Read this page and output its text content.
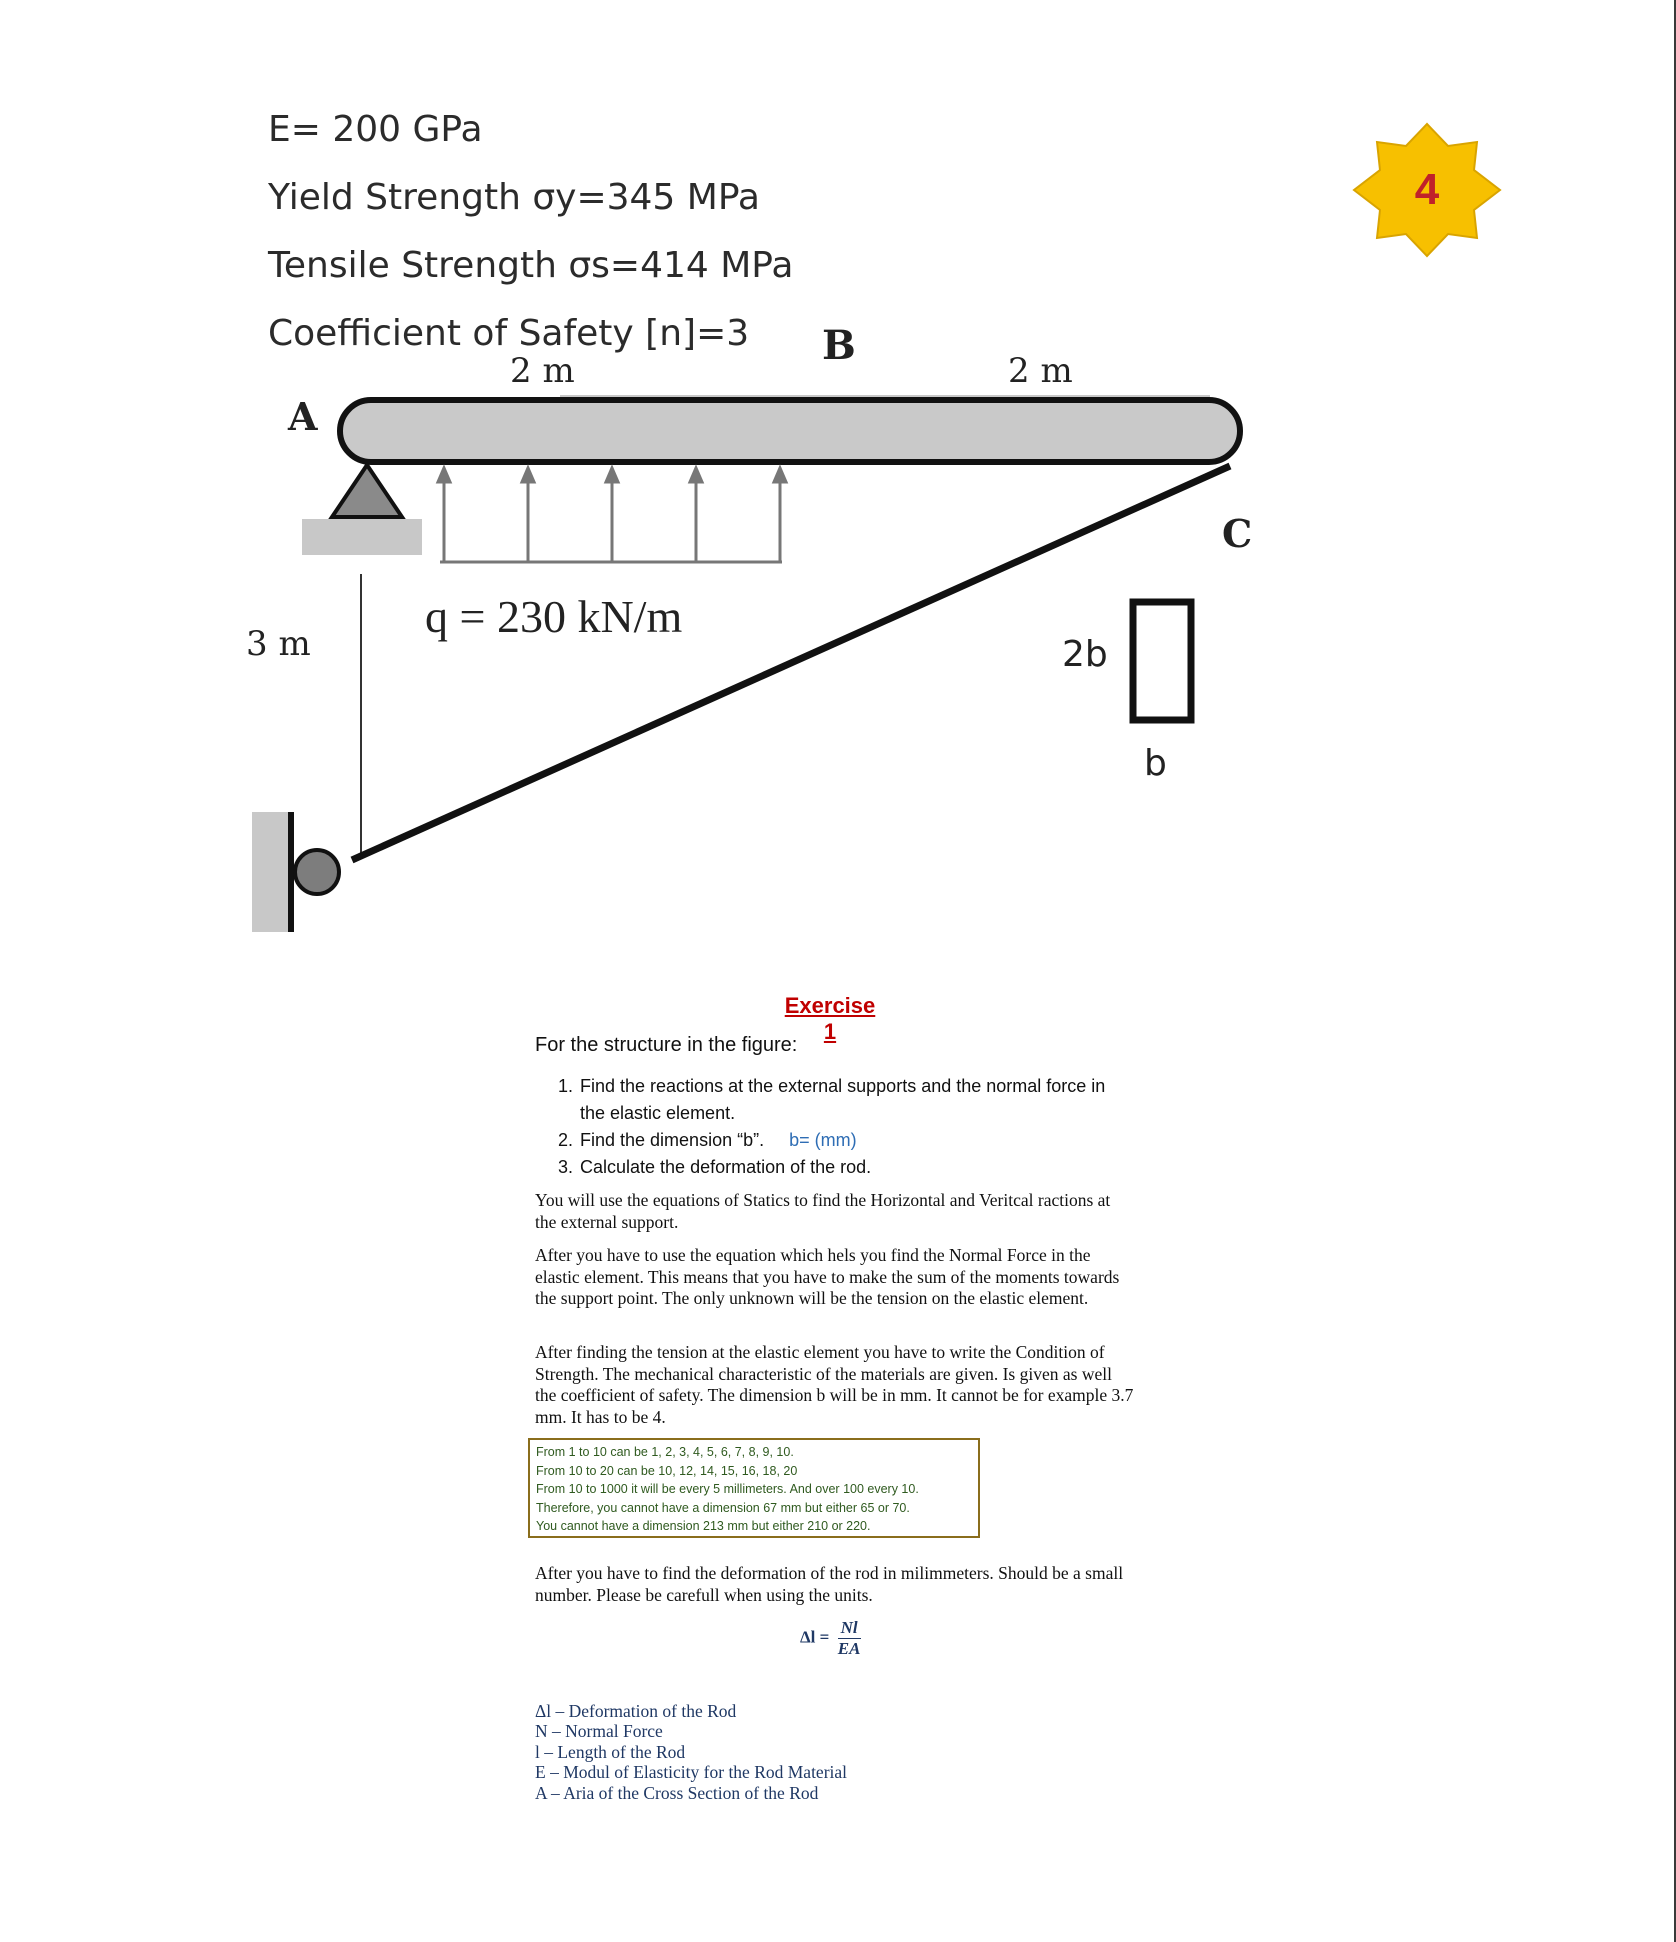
E= 200 GPa
Yield Strength σy=345 MPa
Tensile Strength σs=414 MPa
Coefficient of Safety [n]=3
4
A
B
C
2 m	2 m
3 m
q = 230 kN/m
2b
b
Exercise 1
For the structure in the figure:
1. Find the reactions at the external supports and the normal force in the elastic element.
2. Find the dimension “b”. b= (mm)
3. Calculate the deformation of the rod.
You will use the equations of Statics to find the Horizontal and Veritcal ractions at the external support.
After you have to use the equation which hels you find the Normal Force in the elastic element. This means that you have to make the sum of the moments towards the support point. The only unknown will be the tension on the elastic element.
After finding the tension at the elastic element you have to write the Condition of Strength. The mechanical characteristic of the materials are given. Is given as well the coefficient of safety. The dimension b will be in mm. It cannot be for example 3.7 mm. It has to be 4.
From 1 to 10 can be 1, 2, 3, 4, 5, 6, 7, 8, 9, 10.
From 10 to 20 can be 10, 12, 14, 15, 16, 18, 20
From 10 to 1000 it will be every 5 millimeters. And over 100 every 10.
Therefore, you cannot have a dimension 67 mm but either 65 or 70.
You cannot have a dimension 213 mm but either 210 or 220.
After you have to find the deformation of the rod in milimmeters. Should be a small number. Please be carefull when using the units.
$\Delta l = \frac{Nl}{EA}$
Δl – Deformation of the Rod
N – Normal Force
l – Length of the Rod
E – Modul of Elasticity for the Rod Material
A – Aria of the Cross Section of the Rod
